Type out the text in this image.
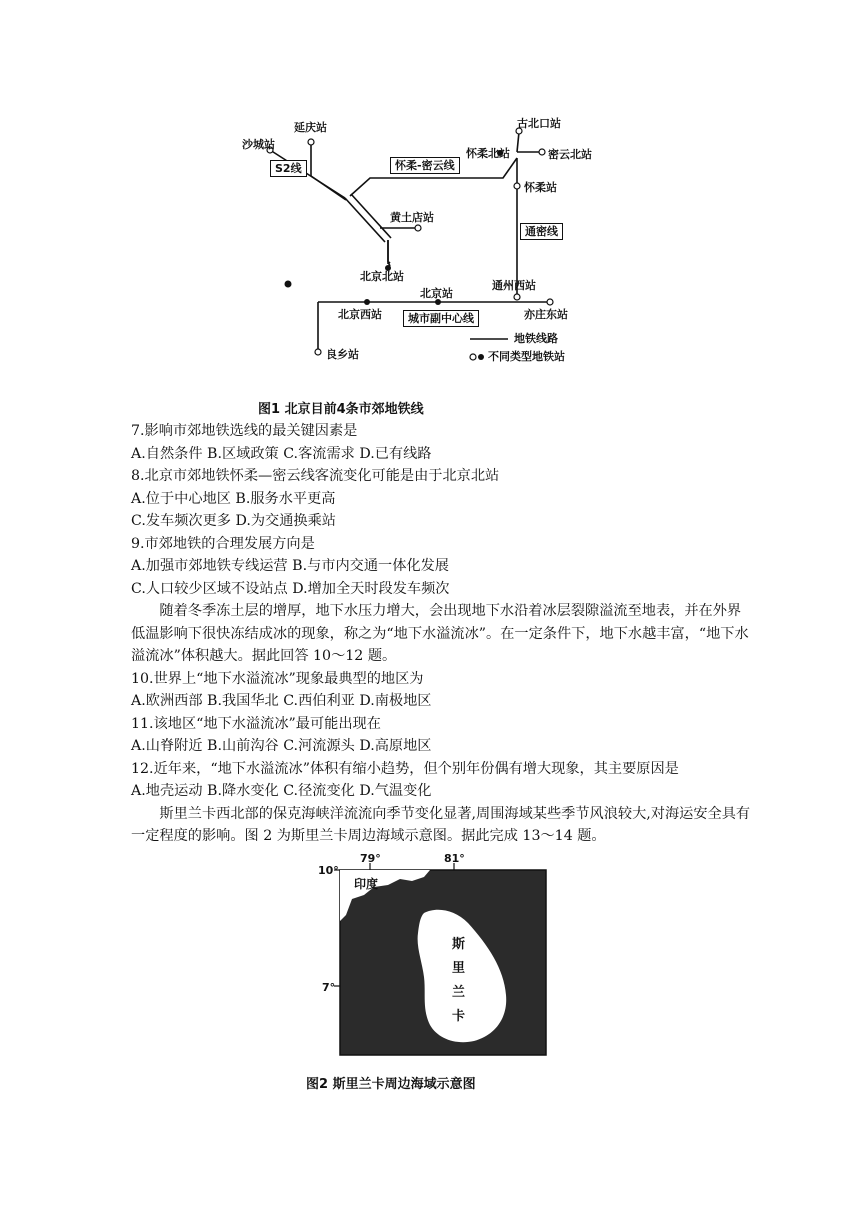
沙城站
延庆站	古北口站
怀柔北站	密云北站
怀柔站
黄土店站
北京北站
通州西站
北京西站
北京站
亦庄东站
良乡站
S2线	怀柔-密云线
通密线
城市副中心线
地铁线路
不同类型地铁站
图1 北京目前4条市郊地铁线

7.影响市郊地铁选线的最关键因素是

A.自然条件 B.区域政策 C.客流需求 D.已有线路

8.北京市郊地铁怀柔—密云线客流变化可能是由于北京北站

A.位于中心地区 B.服务水平更高

C.发车频次更多 D.为交通换乘站

9.市郊地铁的合理发展方向是

A.加强市郊地铁专线运营 B.与市内交通一体化发展

C.人口较少区域不设站点 D.增加全天时段发车频次

随着冬季冻土层的增厚，地下水压力增大，会出现地下水沿着冰层裂隙溢流至地表，并在外界低温影响下很快冻结成冰的现象，称之为“地下水溢流冰”。在一定条件下，地下水越丰富，“地下水溢流冰”体积越大。据此回答 10～12 题。

10.世界上“地下水溢流冰”现象最典型的地区为

A.欧洲西部 B.我国华北 C.西伯利亚 D.南极地区

11.该地区“地下水溢流冰”最可能出现在

A.山脊附近 B.山前沟谷 C.河流源头 D.高原地区

12.近年来，“地下水溢流冰”体积有缩小趋势，但个别年份偶有增大现象，其主要原因是

A.地壳运动 B.降水变化 C.径流变化 D.气温变化

斯里兰卡西北部的保克海峡洋流流向季节变化显著,周围海域某些季节风浪较大,对海运安全具有一定程度的影响。图 2 为斯里兰卡周边海域示意图。据此完成 13～14 题。

79°	81°
10°
7°
印度
斯
里
兰
卡
图2 斯里兰卡周边海域示意图
